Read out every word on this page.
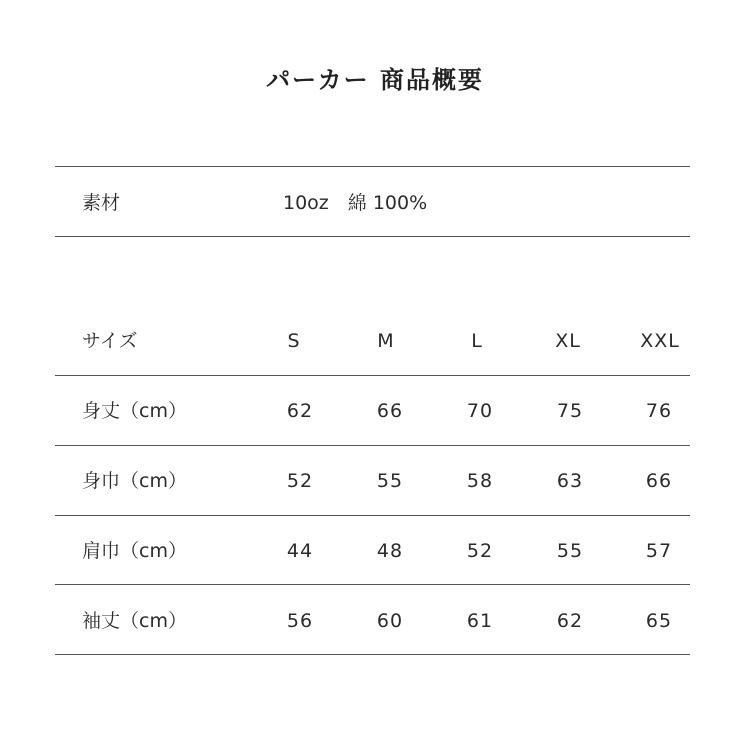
パーカー 商品概要
素材	10oz　綿 100%
サイズ	S	M	L	XL	XXL
身丈（cm）	62	66	70	75	76
身巾（cm）	52	55	58	63	66
肩巾（cm）	44	48	52	55	57
袖丈（cm）	56	60	61	62	65
